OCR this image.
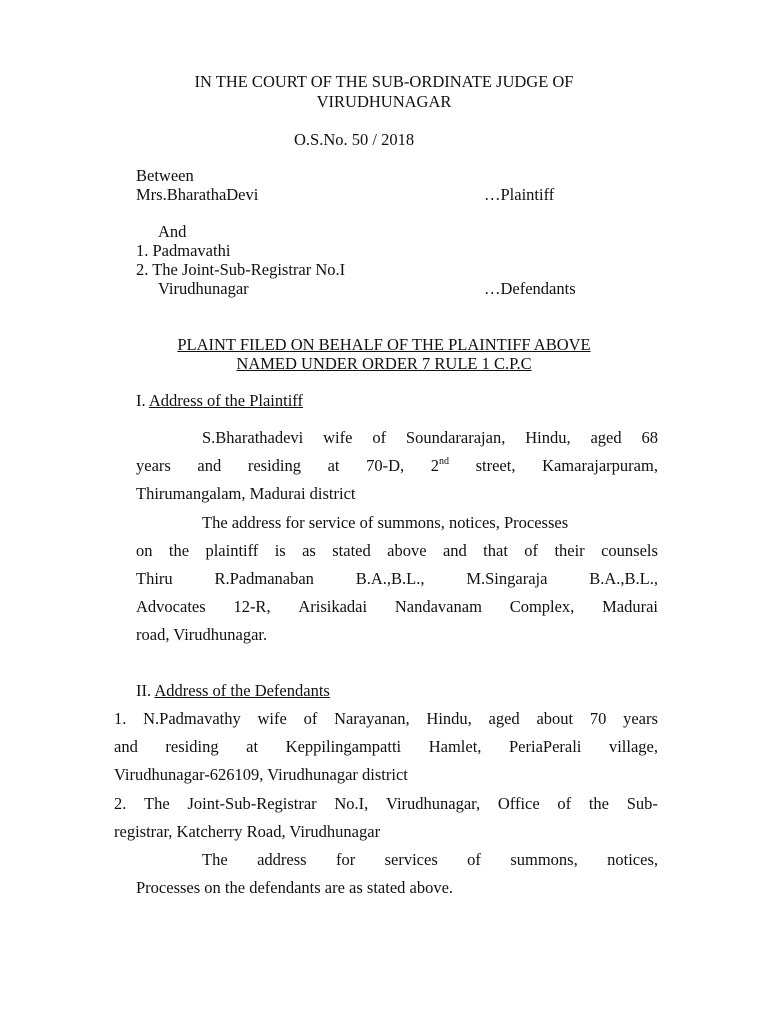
IN THE COURT OF THE SUB-ORDINATE JUDGE OF
VIRUDHUNAGAR
O.S.No. 50 / 2018
Between
Mrs.BharathaDevi	…Plaintiff
And
1. Padmavathi
2. The Joint-Sub-Registrar No.I
Virudhunagar	…Defendants
PLAINT FILED ON BEHALF OF THE PLAINTIFF ABOVE
NAMED UNDER ORDER 7 RULE 1 C.P.C
I. Address of the Plaintiff
S.Bharathadevi wife of Soundararajan, Hindu, aged 68
years and residing at 70-D, 2nd street, Kamarajarpuram,
Thirumangalam, Madurai district
The address for service of summons, notices, Processes
on the plaintiff is as stated above and that of their counsels
Thiru	R.Padmanaban	B.A.,B.L.,	M.Singaraja	B.A.,B.L.,
Advocates 12-R, Arisikadai Nandavanam Complex, Madurai
road, Virudhunagar.
II. Address of the Defendants
1. N.Padmavathy wife of Narayanan, Hindu, aged about 70 years
and residing at Keppilingampatti Hamlet, PeriaPerali village,
Virudhunagar-626109, Virudhunagar district
2. The Joint-Sub-Registrar No.I, Virudhunagar, Office of the Sub-
registrar, Katcherry Road, Virudhunagar
The address for services of summons, notices,
Processes on the defendants are as stated above.
